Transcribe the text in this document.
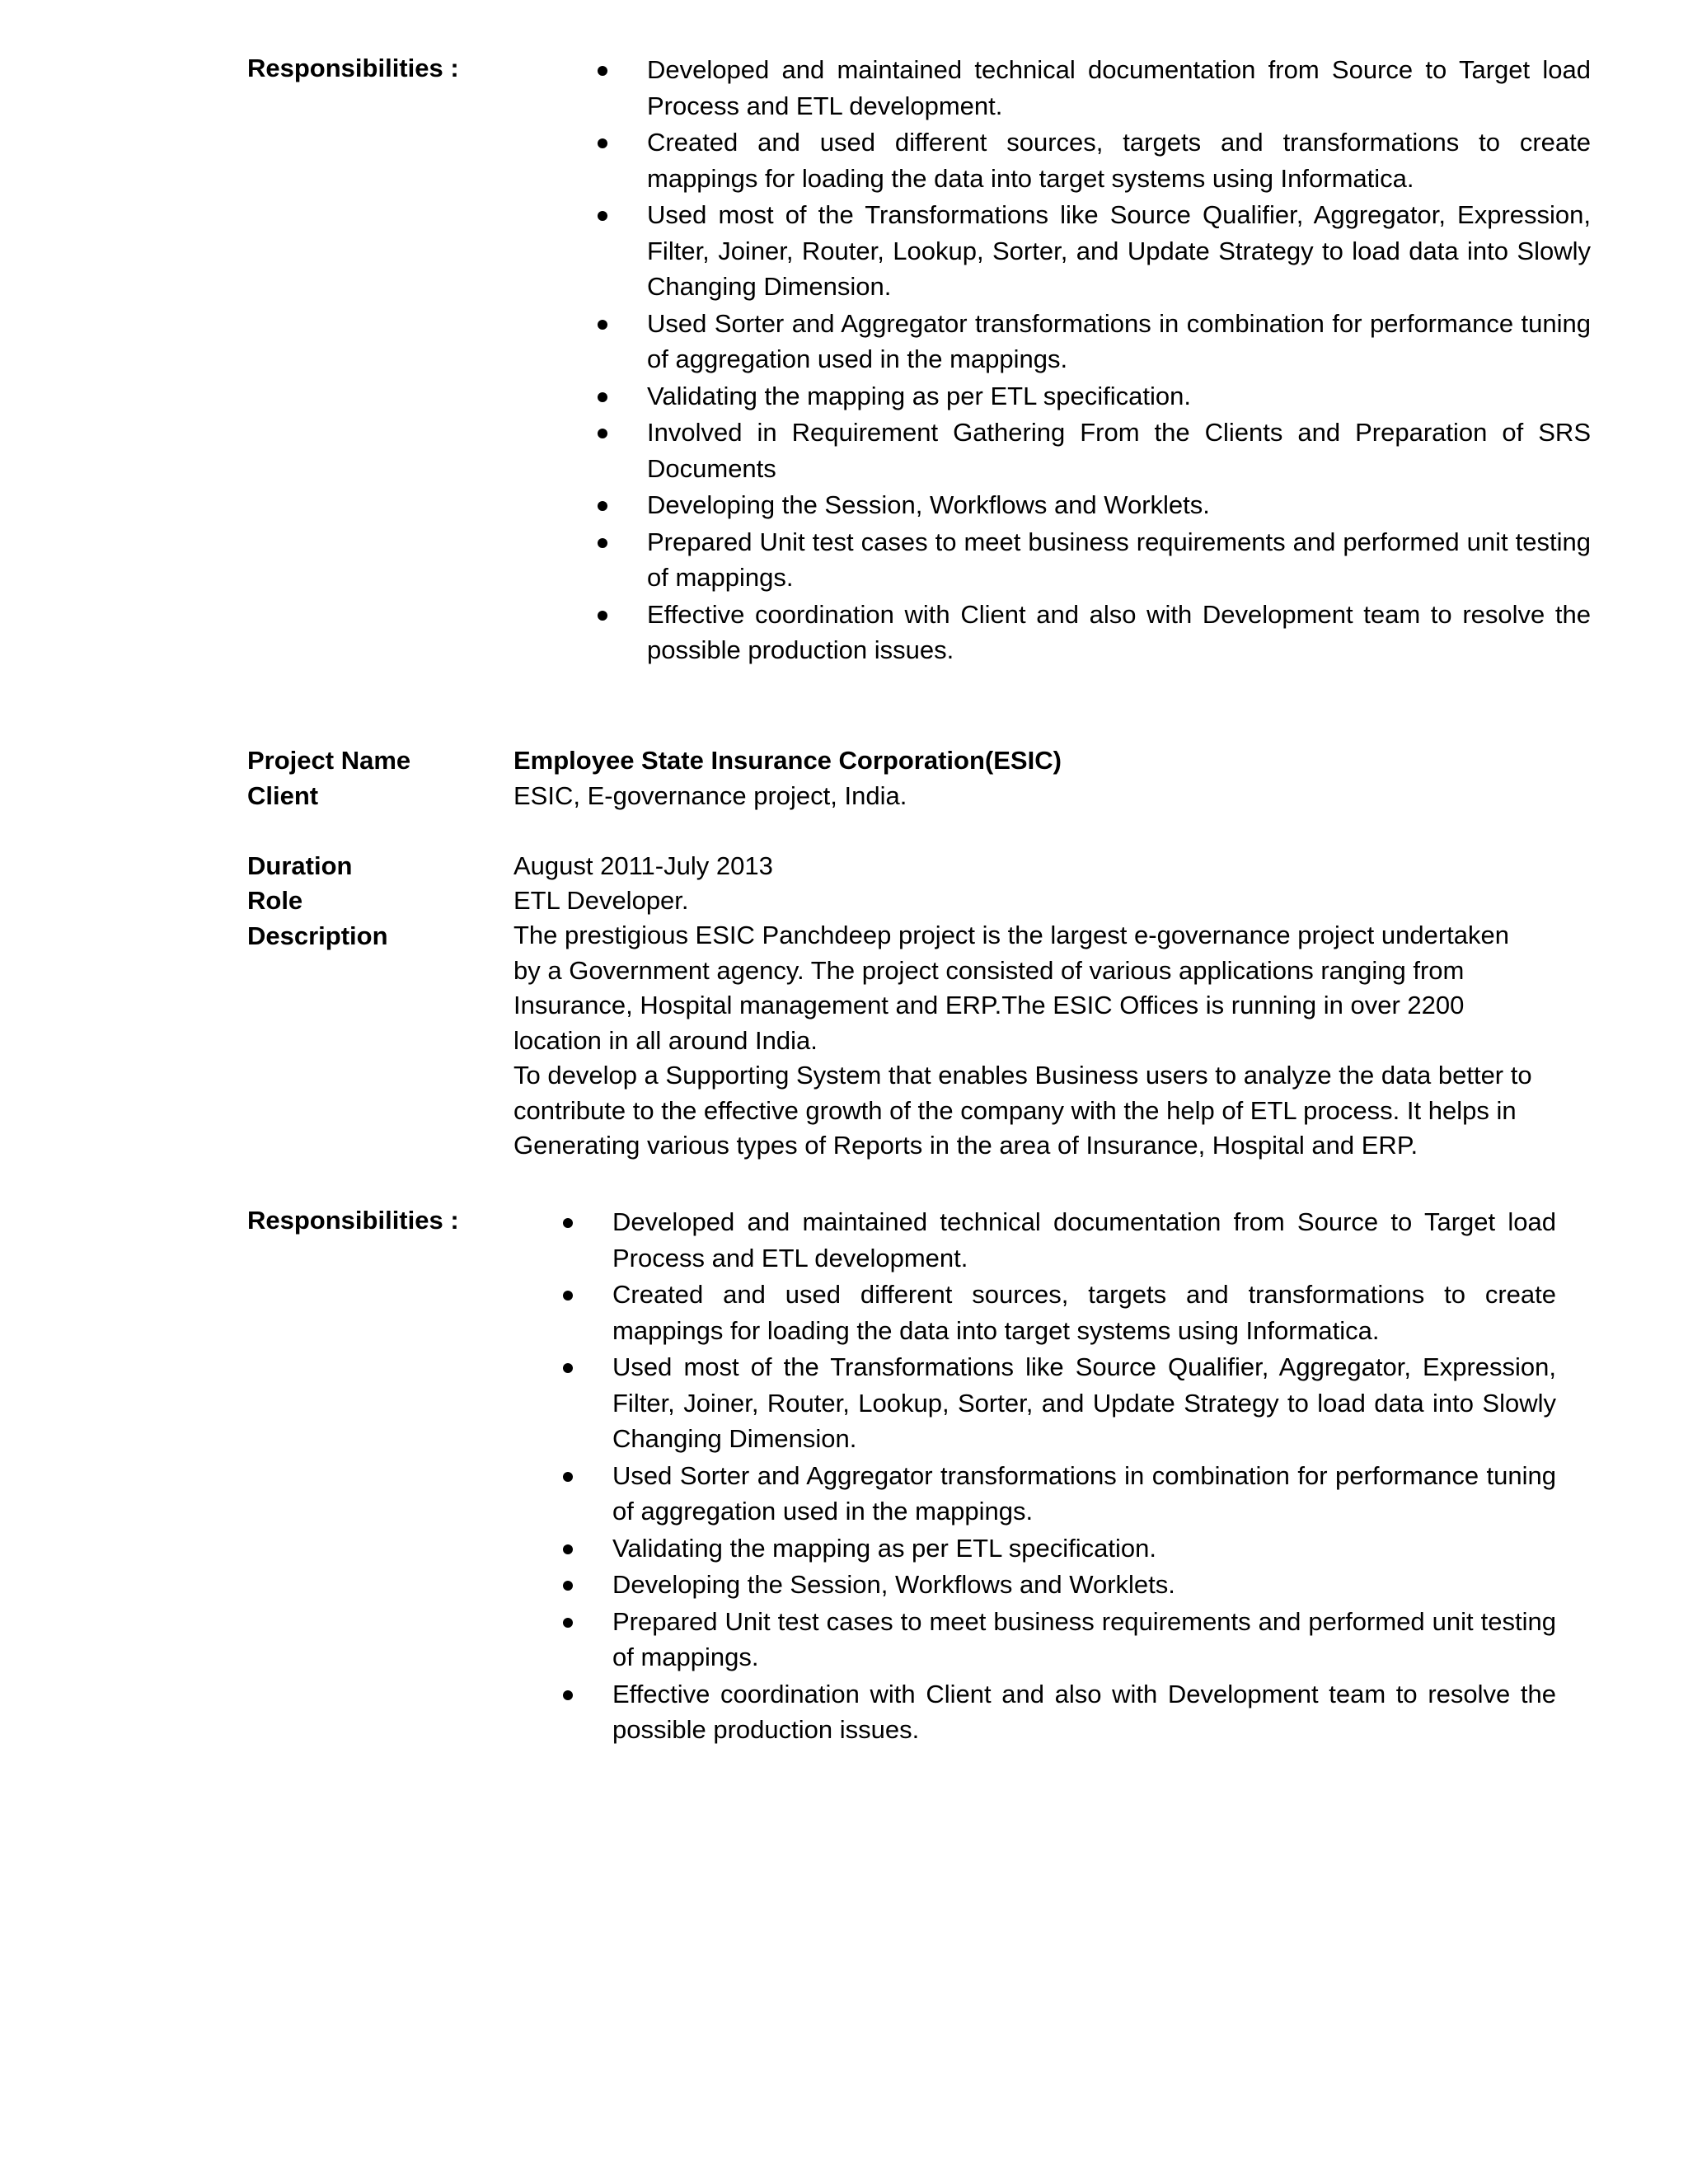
Responsibilities :	Developed and maintained technical documentation from Source to Target load Process and ETL development.
Created and used different sources, targets and transformations to create mappings for loading the data into target systems using Informatica.
Used most of the Transformations like Source Qualifier, Aggregator, Expression, Filter, Joiner, Router, Lookup, Sorter, and Update Strategy to load data into Slowly Changing Dimension.
Used Sorter and Aggregator transformations in combination for performance tuning of aggregation used in the mappings.
Validating the mapping as per ETL specification.
Involved in Requirement Gathering From the Clients and Preparation of SRS Documents
Developing the Session, Workflows and Worklets.
Prepared Unit test cases to meet business requirements and performed unit testing of mappings.
Effective coordination with Client and also with Development team to resolve the possible production issues.
Project Name	Employee State Insurance Corporation(ESIC)
Client	ESIC, E-governance project, India.
Duration	August 2011-July 2013
Role	ETL Developer.
Description	The prestigious ESIC Panchdeep project is the largest e-governance project undertaken by a Government agency. The project consisted of various applications ranging from Insurance, Hospital management and ERP.The ESIC Offices is running in over 2200 location in all around India.

To develop a Supporting System that enables Business users to analyze the data better to contribute to the effective growth of the company with the help of ETL process. It helps in Generating various types of Reports in the area of Insurance, Hospital and ERP.

Responsibilities :	Developed and maintained technical documentation from Source to Target load Process and ETL development.
Created and used different sources, targets and transformations to create mappings for loading the data into target systems using Informatica.
Used most of the Transformations like Source Qualifier, Aggregator, Expression, Filter, Joiner, Router, Lookup, Sorter, and Update Strategy to load data into Slowly Changing Dimension.
Used Sorter and Aggregator transformations in combination for performance tuning of aggregation used in the mappings.
Validating the mapping as per ETL specification.
Developing the Session, Workflows and Worklets.
Prepared Unit test cases to meet business requirements and performed unit testing of mappings.
Effective coordination with Client and also with Development team to resolve the possible production issues.
